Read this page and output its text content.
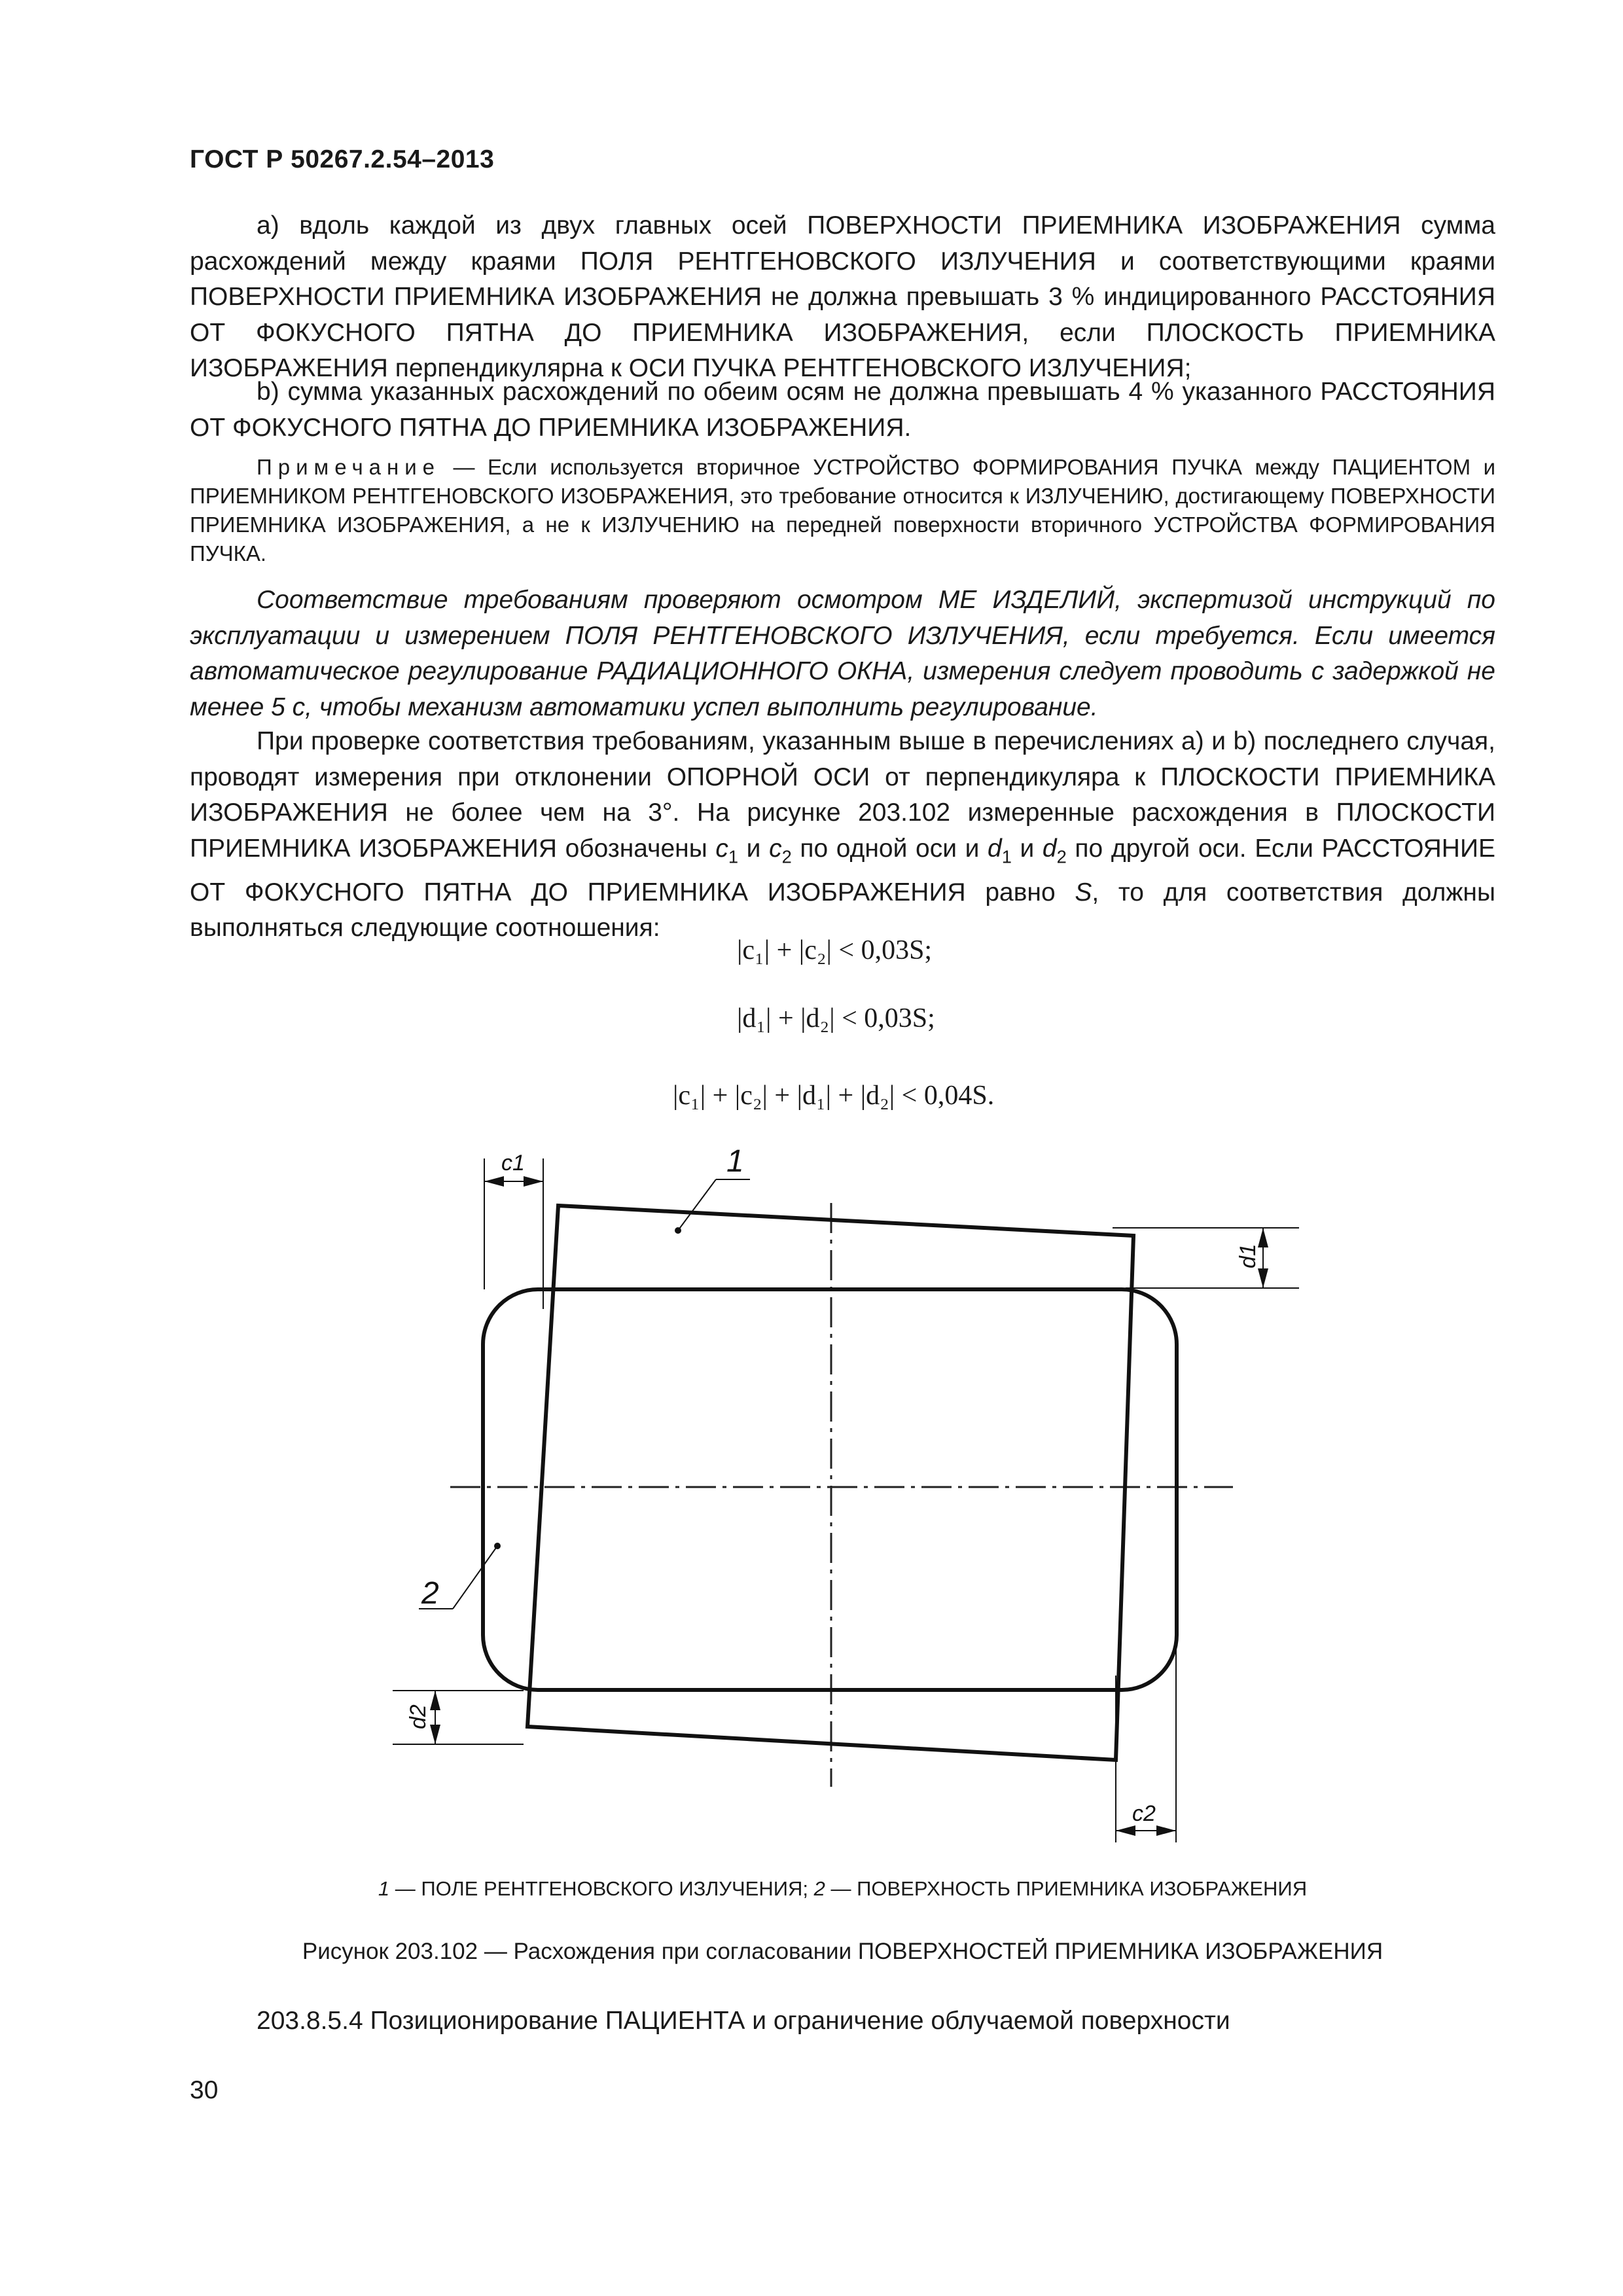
ГОСТ Р 50267.2.54–2013

а) вдоль каждой из двух главных осей ПОВЕРХНОСТИ ПРИЕМНИКА ИЗОБРАЖЕНИЯ сумма расхождений между краями ПОЛЯ РЕНТГЕНОВСКОГО ИЗЛУЧЕНИЯ и соответствующими краями ПОВЕРХНОСТИ ПРИЕМНИКА ИЗОБРАЖЕНИЯ не должна превышать 3 % индицированного РАССТОЯНИЯ ОТ ФОКУСНОГО ПЯТНА ДО ПРИЕМНИКА ИЗОБРАЖЕНИЯ, если ПЛОСКОСТЬ ПРИЕМНИКА ИЗОБРАЖЕНИЯ перпендикулярна к ОСИ ПУЧКА РЕНТГЕНОВСКОГО ИЗЛУЧЕНИЯ;

b) сумма указанных расхождений по обеим осям не должна превышать 4 % указанного РАССТОЯНИЯ ОТ ФОКУСНОГО ПЯТНА ДО ПРИЕМНИКА ИЗОБРАЖЕНИЯ.

Примечание — Если используется вторичное УСТРОЙСТВО ФОРМИРОВАНИЯ ПУЧКА между ПАЦИЕНТОМ и ПРИЕМНИКОМ РЕНТГЕНОВСКОГО ИЗОБРАЖЕНИЯ, это требование относится к ИЗЛУЧЕНИЮ, достигающему ПОВЕРХНОСТИ ПРИЕМНИКА ИЗОБРАЖЕНИЯ, а не к ИЗЛУЧЕНИЮ на передней поверхности вторичного УСТРОЙСТВА ФОРМИРОВАНИЯ ПУЧКА.

Соответствие требованиям проверяют осмотром МЕ ИЗДЕЛИЙ, экспертизой инструкций по эксплуатации и измерением ПОЛЯ РЕНТГЕНОВСКОГО ИЗЛУЧЕНИЯ, если требуется. Если имеется автоматическое регулирование РАДИАЦИОННОГО ОКНА, измерения следует проводить с задержкой не менее 5 с, чтобы механизм автоматики успел выполнить регулирование.

При проверке соответствия требованиям, указанным выше в перечислениях а) и b) последнего случая, проводят измерения при отклонении ОПОРНОЙ ОСИ от перпендикуляра к ПЛОСКОСТИ ПРИЕМНИКА ИЗОБРАЖЕНИЯ не более чем на 3°. На рисунке 203.102 измеренные расхождения в ПЛОСКОСТИ ПРИЕМНИКА ИЗОБРАЖЕНИЯ обозначены $c_1$ и $c_2$ по одной оси и $d_1$ и $d_2$ по другой оси. Если РАССТОЯНИЕ ОТ ФОКУСНОГО ПЯТНА ДО ПРИЕМНИКА ИЗОБРАЖЕНИЯ равно S, то для соответствия должны выполняться следующие соотношения:

|c₁| + |c₂| < 0,03S;
|d₁| + |d₂| < 0,03S;
|c₁| + |c₂| + |d₁| + |d₂| < 0,04S.
1
2
c1
c2
d1
d2
1 — ПОЛЕ РЕНТГЕНОВСКОГО ИЗЛУЧЕНИЯ; 2 — ПОВЕРХНОСТЬ ПРИЕМНИКА ИЗОБРАЖЕНИЯ
Рисунок 203.102 — Расхождения при согласовании ПОВЕРХНОСТЕЙ ПРИЕМНИКА ИЗОБРАЖЕНИЯ
203.8.5.4 Позиционирование ПАЦИЕНТА и ограничение облучаемой поверхности
30
